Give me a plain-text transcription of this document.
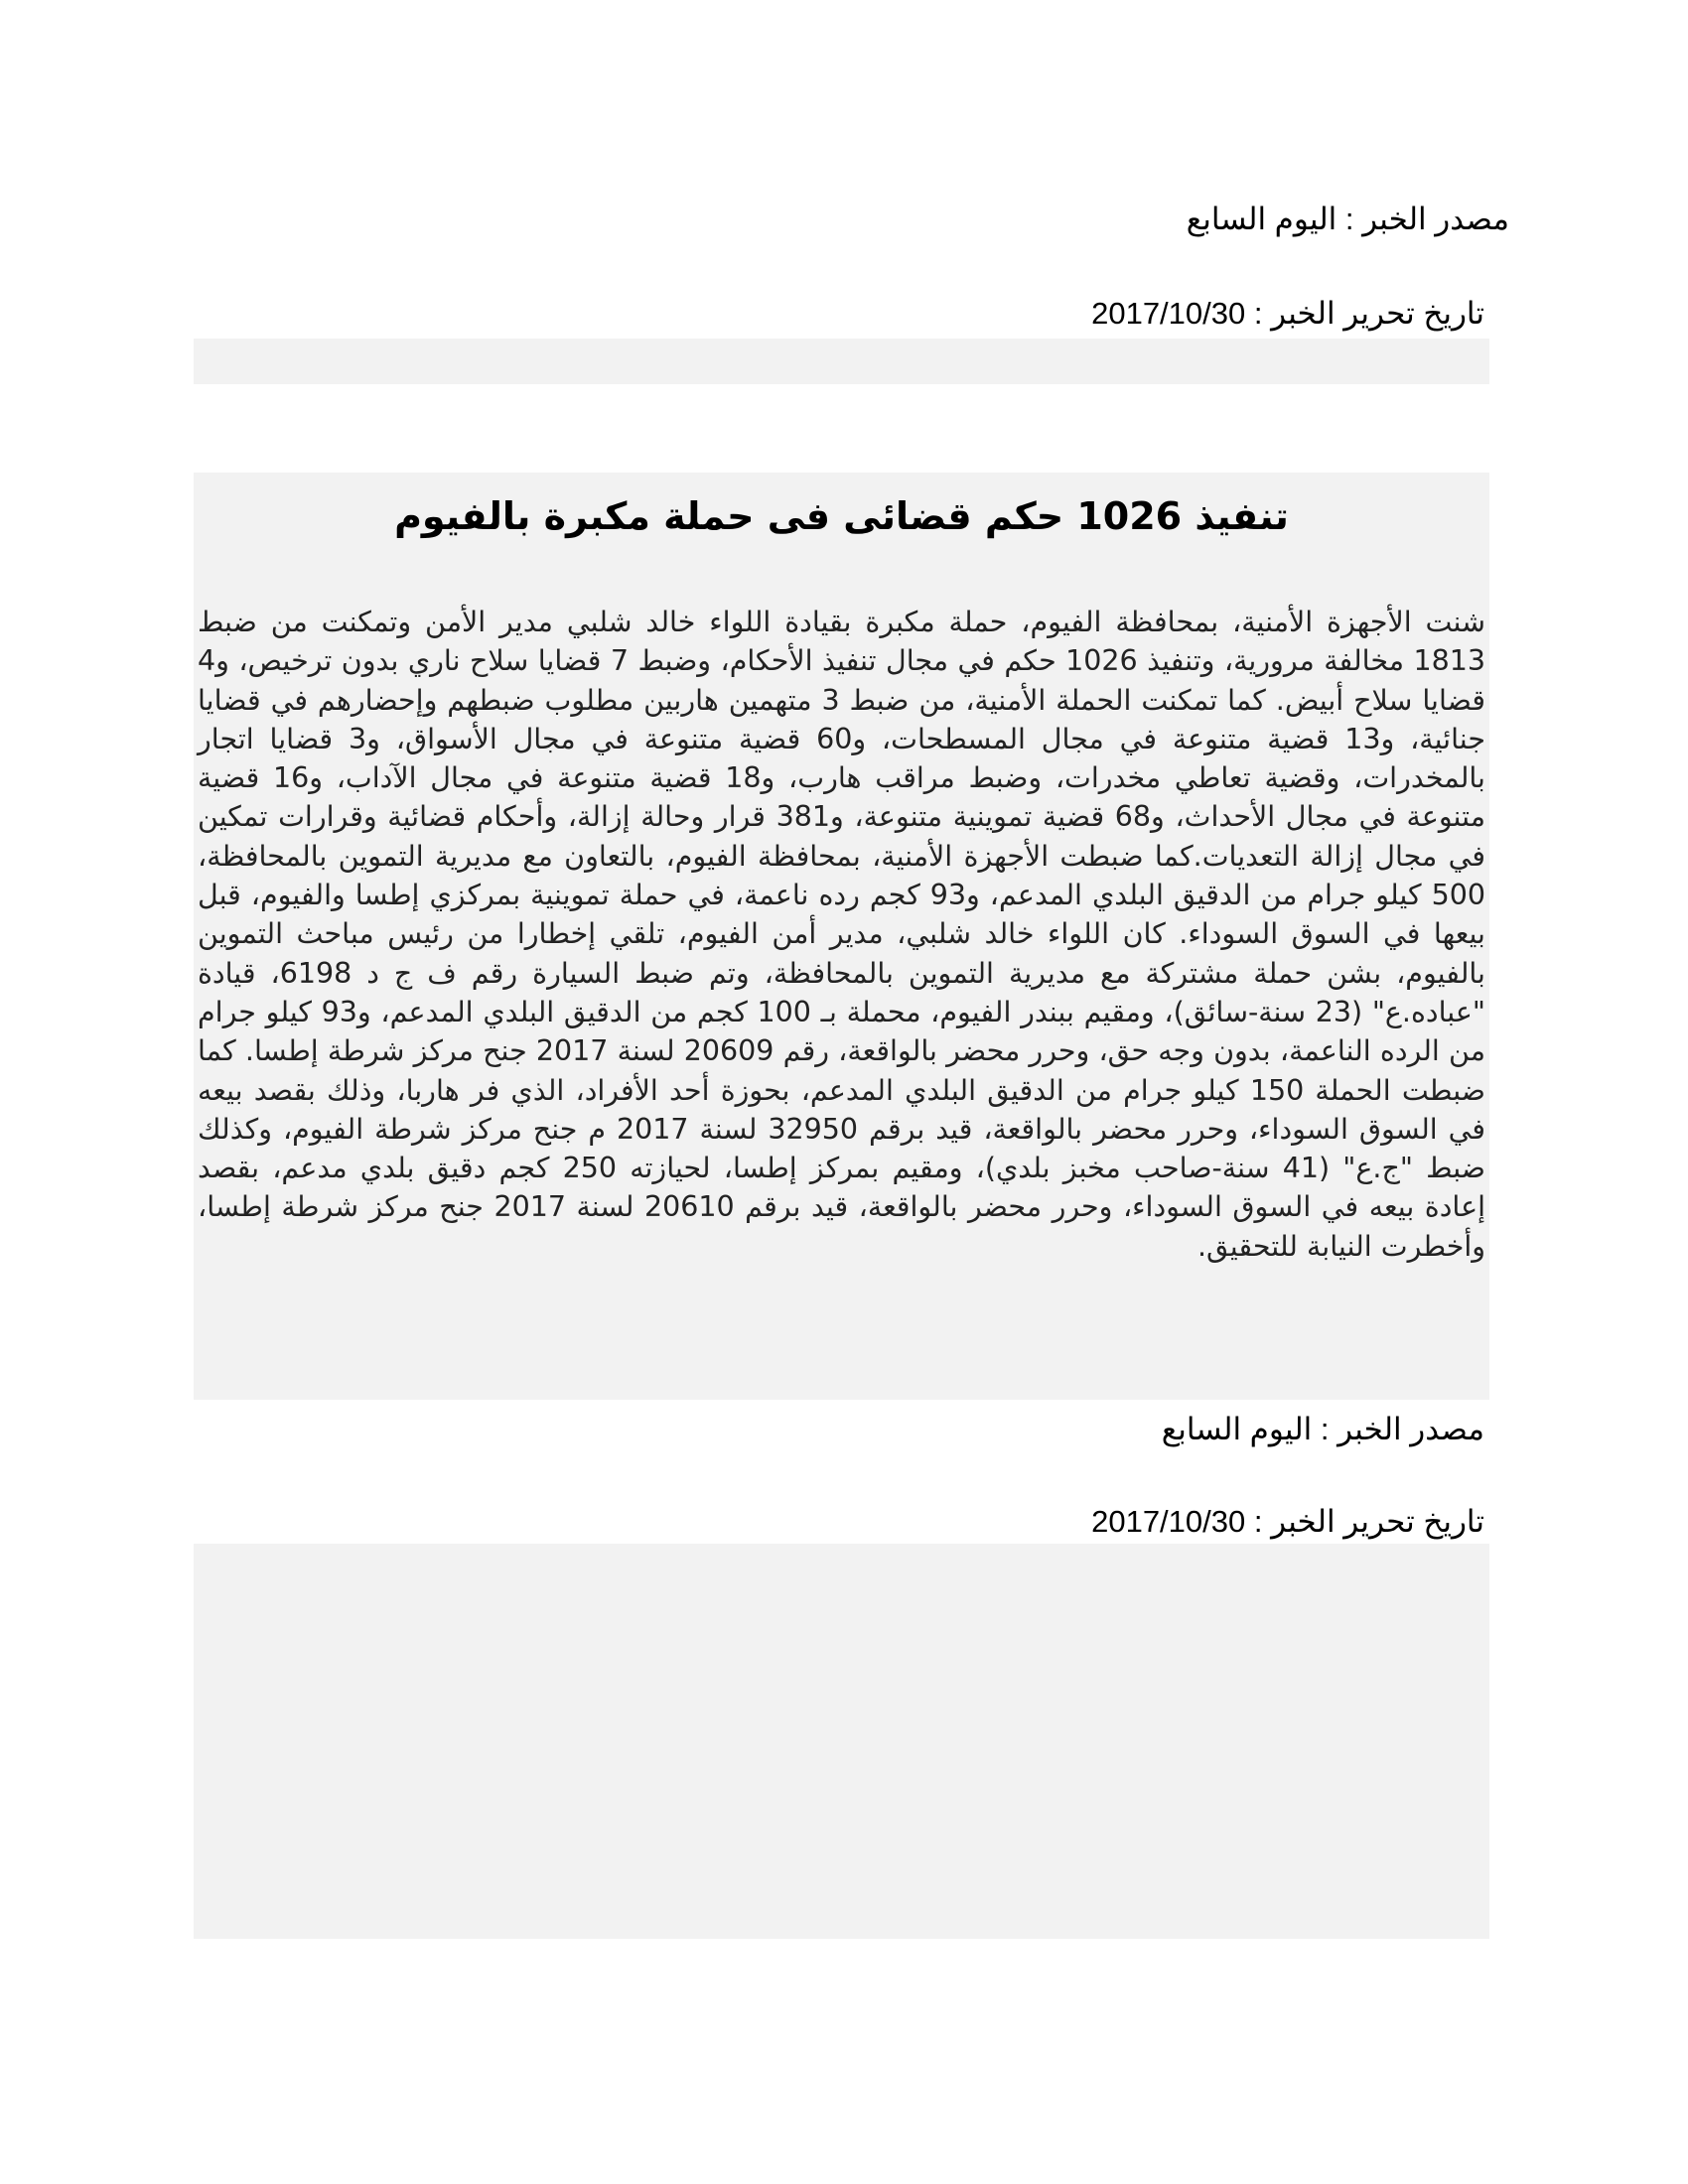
مصدر الخبر : اليوم السابع
تاريخ تحرير الخبر : 2017/10/30
تنفيذ 1026 حكم قضائى فى حملة مكبرة بالفيوم

شنت الأجهزة الأمنية، بمحافظة الفيوم، حملة مكبرة بقيادة اللواء خالد شلبي مدير الأمن وتمكنت من ضبط 1813 مخالفة مرورية، وتنفيذ 1026 حكم في مجال تنفيذ الأحكام، وضبط 7 قضايا سلاح ناري بدون ترخيص، و4 قضايا سلاح أبيض. كما تمكنت الحملة الأمنية، من ضبط 3 متهمين هاربين مطلوب ضبطهم وإحضارهم في قضايا جنائية، و13 قضية متنوعة في مجال المسطحات، و60 قضية متنوعة في مجال الأسواق، و3 قضايا اتجار بالمخدرات، وقضية تعاطي مخدرات، وضبط مراقب هارب، و18 قضية متنوعة في مجال الآداب، و16 قضية متنوعة في مجال الأحداث، و68 قضية تموينية متنوعة، و381 قرار وحالة إزالة، وأحكام قضائية وقرارات تمكين في مجال إزالة التعديات.كما ضبطت الأجهزة الأمنية، بمحافظة الفيوم، بالتعاون مع مديرية التموين بالمحافظة، 500 كيلو جرام من الدقيق البلدي المدعم، و93 كجم رده ناعمة، في حملة تموينية بمركزي إطسا والفيوم، قبل بيعها في السوق السوداء. كان اللواء خالد شلبي، مدير أمن الفيوم، تلقي إخطارا من رئيس مباحث التموين بالفيوم، بشن حملة مشتركة مع مديرية التموين بالمحافظة، وتم ضبط السيارة رقم ف ج د 6198، قيادة "عباده.ع" (23 سنة-سائق)، ومقيم ببندر الفيوم، محملة بـ 100 كجم من الدقيق البلدي المدعم، و93 كيلو جرام من الرده الناعمة، بدون وجه حق، وحرر محضر بالواقعة، رقم 20609 لسنة 2017 جنح مركز شرطة إطسا. كما ضبطت الحملة 150 كيلو جرام من الدقيق البلدي المدعم، بحوزة أحد الأفراد، الذي فر هاربا، وذلك بقصد بيعه في السوق السوداء، وحرر محضر بالواقعة، قيد برقم 32950 لسنة 2017 م جنح مركز شرطة الفيوم، وكذلك ضبط "ج.ع" (41 سنة-صاحب مخبز بلدي)، ومقيم بمركز إطسا، لحيازته 250 كجم دقيق بلدي مدعم، بقصد إعادة بيعه في السوق السوداء، وحرر محضر بالواقعة، قيد برقم 20610 لسنة 2017 جنح مركز شرطة إطسا، وأخطرت النيابة للتحقيق.

مصدر الخبر : اليوم السابع
تاريخ تحرير الخبر : 2017/10/30
